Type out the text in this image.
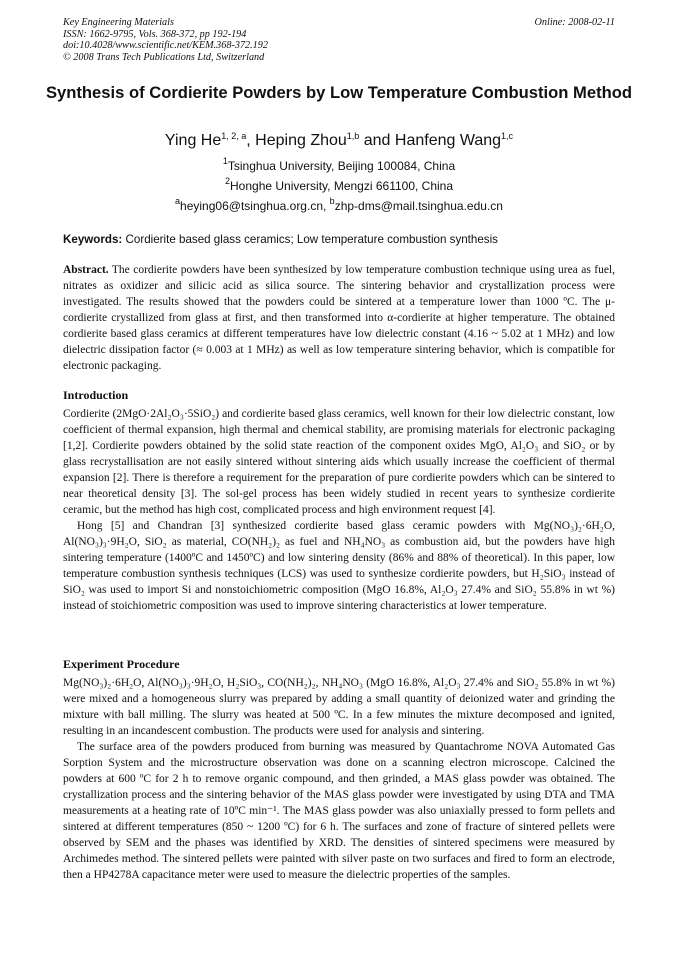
Key Engineering Materials
ISSN: 1662-9795, Vols. 368-372, pp 192-194
doi:10.4028/www.scientific.net/KEM.368-372.192
© 2008 Trans Tech Publications Ltd, Switzerland
Online: 2008-02-11
Synthesis of Cordierite Powders by Low Temperature Combustion Method
Ying He$^{1, 2, a}$, Heping Zhou$^{1,b}$ and Hanfeng Wang$^{1,c}$
$^1$Tsinghua University, Beijing 100084, China
$^2$Honghe University, Mengzi 661100, China
$^a$heying06@tsinghua.org.cn, $^b$zhp-dms@mail.tsinghua.edu.cn
Keywords: Cordierite based glass ceramics; Low temperature combustion synthesis

Abstract. The cordierite powders have been synthesized by low temperature combustion technique using urea as fuel, nitrates as oxidizer and silicic acid as silica source. The sintering behavior and crystallization process were investigated. The results showed that the powders could be sintered at a temperature lower than 1000 ºC. The μ-cordierite crystallized from glass at first, and then transformed into α-cordierite at higher temperature. The obtained cordierite based glass ceramics at different temperatures have low dielectric constant (4.16 ~ 5.02 at 1 MHz) and low dielectric dissipation factor (≈ 0.003 at 1 MHz) as well as low temperature sintering behavior, which is compatible for electronic packaging.

Introduction

Cordierite (2MgO·2Al₂O₃·5SiO₂) and cordierite based glass ceramics, well known for their low dielectric constant, low coefficient of thermal expansion, high thermal and chemical stability, are promising materials for electronic packaging [1,2]. Cordierite powders obtained by the solid state reaction of the component oxides MgO, Al₂O₃ and SiO₂ or by glass recrystallisation are not easily sintered without sintering aids which usually increase the coefficient of thermal expansion [2]. There is therefore a requirement for the preparation of pure cordierite powders which can be sintered to near theoretical density [3]. The sol-gel process has been widely studied in recent years to synthesize cordierite ceramic, but the method has high cost, complicated process and high environment request [4].

Hong [5] and Chandran [3] synthesized cordierite based glass ceramic powders with Mg(NO₃)₂·6H₂O, Al(NO₃)₃·9H₂O, SiO₂ as material, CO(NH₂)₂ as fuel and NH₄NO₃ as combustion aid, but the powders have high sintering temperature (1400ºC and 1450ºC) and low sintering density (86% and 88% of theoretical). In this paper, low temperature combustion synthesis techniques (LCS) was used to synthesize cordierite powders, but H₂SiO₃ instead of SiO₂ was used to import Si and nonstoichiometric composition (MgO 16.8%, Al₂O₃ 27.4% and SiO₂ 55.8% in wt %) instead of stoichiometric composition was used to improve sintering characteristics at lower temperature.

Experiment Procedure

Mg(NO₃)₂·6H₂O, Al(NO₃)₃·9H₂O, H₂SiO₃, CO(NH₂)₂, NH₄NO₃ (MgO 16.8%, Al₂O₃ 27.4% and SiO₂ 55.8% in wt %) were mixed and a homogeneous slurry was prepared by adding a small quantity of deionized water and grinding the mixture with ball milling. The slurry was heated at 500 ºC. In a few minutes the mixture decomposed and ignited, resulting in an incandescent combustion. The products were used for analysis and sintering.

The surface area of the powders produced from burning was measured by Quantachrome NOVA Automated Gas Sorption System and the microstructure observation was done on a scanning electron microscope. Calcined the powders at 600 ºC for 2 h to remove organic compound, and then grinded, a MAS glass powder was obtained. The crystallization process and the sintering behavior of the MAS glass powder were investigated by using DTA and TMA measurements at a heating rate of 10ºC min⁻¹. The MAS glass powder was also uniaxially pressed to form pellets and sintered at different temperatures (850 ~ 1200 ºC) for 6 h. The surfaces and zone of fracture of sintered pellets were observed by SEM and the phases was identified by XRD. The densities of sintered specimens were measured by Archimedes method. The sintered pellets were painted with silver paste on two surfaces and fired to form an electrode, then a HP4278A capacitance meter were used to measure the dielectric properties of the samples.
